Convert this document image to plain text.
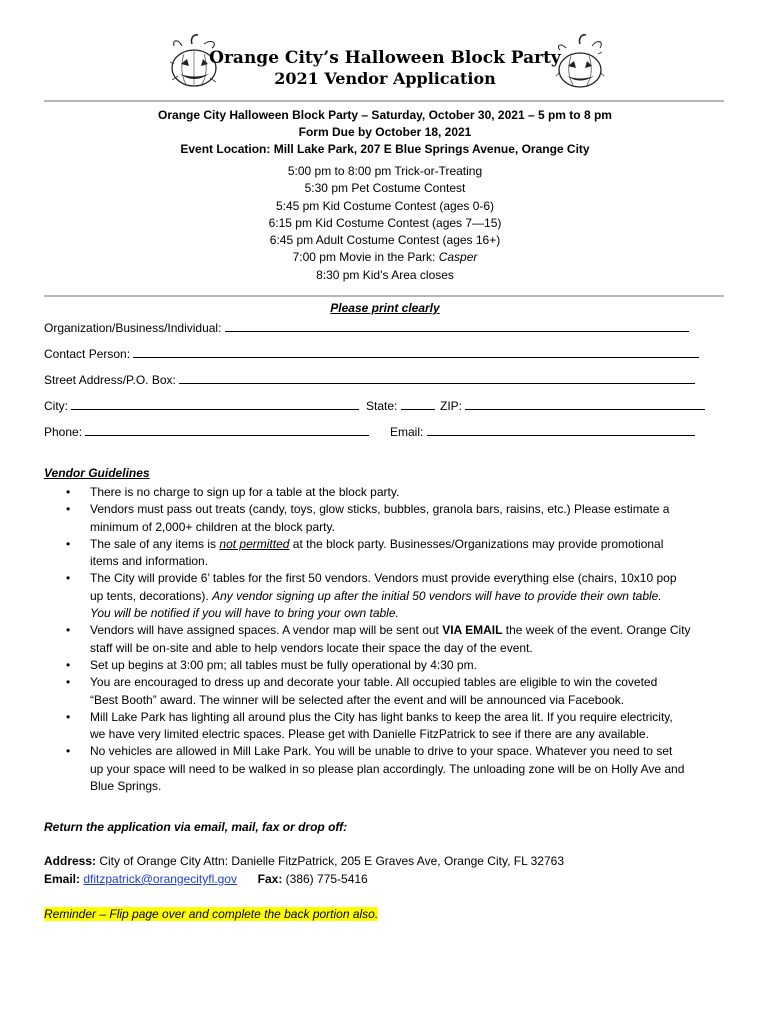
Orange City’s Halloween Block Party
2021 Vendor Application
Orange City Halloween Block Party – Saturday, October 30, 2021 – 5 pm to 8 pm
Form Due by October 18, 2021
Event Location: Mill Lake Park, 207 E Blue Springs Avenue, Orange City
5:00 pm to 8:00 pm Trick-or-Treating
5:30 pm Pet Costume Contest
5:45 pm Kid Costume Contest (ages 0-6)
6:15 pm Kid Costume Contest (ages 7—15)
6:45 pm Adult Costume Contest (ages 16+)
7:00 pm Movie in the Park: Casper
8:30 pm Kid’s Area closes
Please print clearly
Organization/Business/Individual:
Contact Person:
Street Address/P.O. Box:
City:	State:	ZIP:
Phone:	Email:
Vendor Guidelines
• There is no charge to sign up for a table at the block party.
• Vendors must pass out treats (candy, toys, glow sticks, bubbles, granola bars, raisins, etc.) Please estimate a
minimum of 2,000+ children at the block party.
• The sale of any items is not permitted at the block party. Businesses/Organizations may provide promotional
items and information.
• The City will provide 6’ tables for the first 50 vendors. Vendors must provide everything else (chairs, 10x10 pop
up tents, decorations). Any vendor signing up after the initial 50 vendors will have to provide their own table.
You will be notified if you will have to bring your own table.
• Vendors will have assigned spaces. A vendor map will be sent out VIA EMAIL the week of the event. Orange City
staff will be on-site and able to help vendors locate their space the day of the event.
• Set up begins at 3:00 pm; all tables must be fully operational by 4:30 pm.
• You are encouraged to dress up and decorate your table. All occupied tables are eligible to win the coveted
“Best Booth” award. The winner will be selected after the event and will be announced via Facebook.
• Mill Lake Park has lighting all around plus the City has light banks to keep the area lit. If you require electricity,
we have very limited electric spaces. Please get with Danielle FitzPatrick to see if there are any available.
• No vehicles are allowed in Mill Lake Park. You will be unable to drive to your space. Whatever you need to set
up your space will need to be walked in so please plan accordingly. The unloading zone will be on Holly Ave and
Blue Springs.
Return the application via email, mail, fax or drop off:
Address: City of Orange City Attn: Danielle FitzPatrick, 205 E Graves Ave, Orange City, FL 32763
Email: dfitzpatrick@orangecityfl.gov Fax: (386) 775-5416
Reminder – Flip page over and complete the back portion also.
